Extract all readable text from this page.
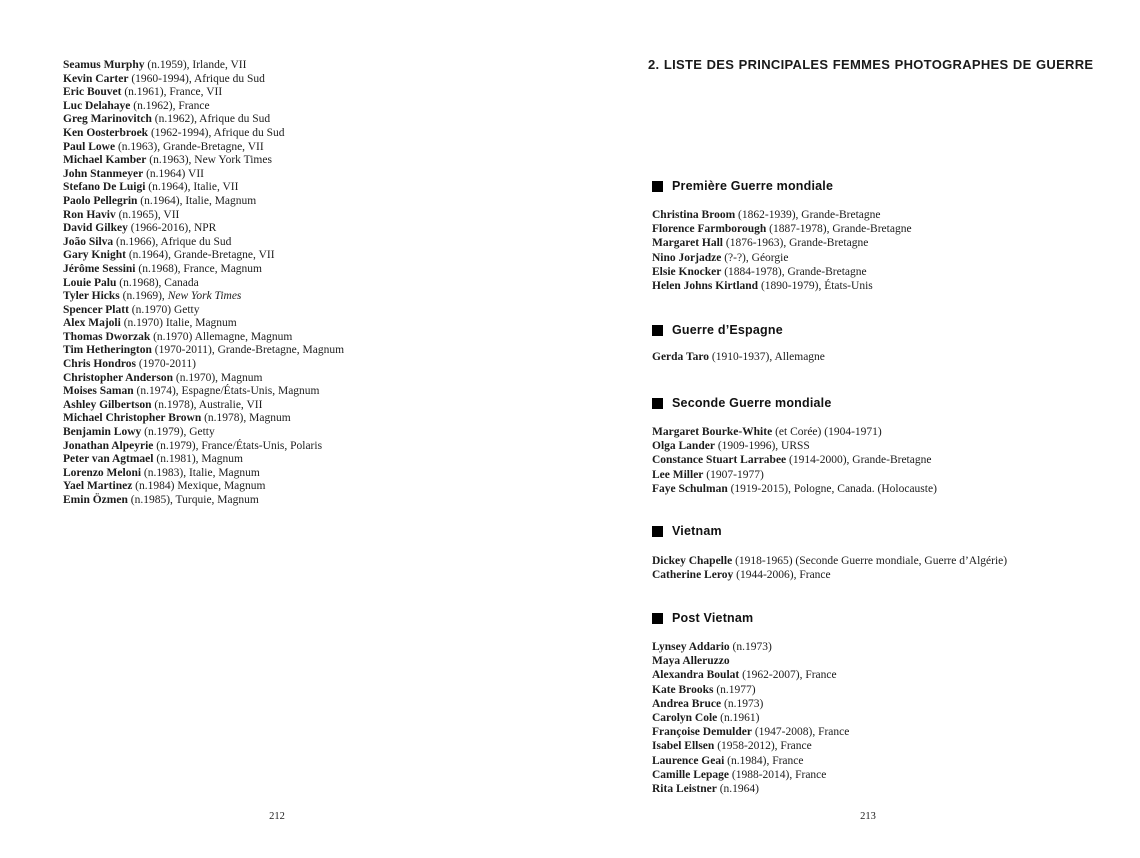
Seamus Murphy (n.1959), Irlande, VII
Kevin Carter (1960-1994), Afrique du Sud
Eric Bouvet (n.1961), France, VII
Luc Delahaye (n.1962), France
Greg Marinovitch (n.1962), Afrique du Sud
Ken Oosterbroek (1962-1994), Afrique du Sud
Paul Lowe (n.1963), Grande-Bretagne, VII
Michael Kamber (n.1963), New York Times
John Stanmeyer (n.1964) VII
Stefano De Luigi (n.1964), Italie, VII
Paolo Pellegrin (n.1964), Italie, Magnum
Ron Haviv (n.1965), VII
David Gilkey (1966-2016), NPR
João Silva (n.1966), Afrique du Sud
Gary Knight (n.1964), Grande-Bretagne, VII
Jérôme Sessini (n.1968), France, Magnum
Louie Palu (n.1968), Canada
Tyler Hicks (n.1969), New York Times
Spencer Platt (n.1970) Getty
Alex Majoli (n.1970) Italie, Magnum
Thomas Dworzak (n.1970) Allemagne, Magnum
Tim Hetherington (1970-2011), Grande-Bretagne, Magnum
Chris Hondros (1970-2011)
Christopher Anderson (n.1970), Magnum
Moises Saman (n.1974), Espagne/États-Unis, Magnum
Ashley Gilbertson (n.1978), Australie, VII
Michael Christopher Brown (n.1978), Magnum
Benjamin Lowy (n.1979), Getty
Jonathan Alpeyrie (n.1979), France/États-Unis, Polaris
Peter van Agtmael (n.1981), Magnum
Lorenzo Meloni (n.1983), Italie, Magnum
Yael Martinez (n.1984) Mexique, Magnum
Emin Özmen (n.1985), Turquie, Magnum
212
2. LISTE DES PRINCIPALES FEMMES PHOTOGRAPHES DE GUERRE
Première Guerre mondiale
Christina Broom (1862-1939), Grande-Bretagne
Florence Farmborough (1887-1978), Grande-Bretagne
Margaret Hall (1876-1963), Grande-Bretagne
Nino Jorjadze (?-?), Géorgie
Elsie Knocker (1884-1978), Grande-Bretagne
Helen Johns Kirtland (1890-1979), États-Unis
Guerre d’Espagne
Gerda Taro (1910-1937), Allemagne
Seconde Guerre mondiale
Margaret Bourke-White (et Corée) (1904-1971)
Olga Lander (1909-1996), URSS
Constance Stuart Larrabee (1914-2000), Grande-Bretagne
Lee Miller (1907-1977)
Faye Schulman (1919-2015), Pologne, Canada. (Holocauste)
Vietnam
Dickey Chapelle (1918-1965) (Seconde Guerre mondiale, Guerre d’Algérie)
Catherine Leroy (1944-2006), France
Post Vietnam
Lynsey Addario (n.1973)
Maya Alleruzzo
Alexandra Boulat (1962-2007), France
Kate Brooks (n.1977)
Andrea Bruce (n.1973)
Carolyn Cole (n.1961)
Françoise Demulder (1947-2008), France
Isabel Ellsen (1958-2012), France
Laurence Geai (n.1984), France
Camille Lepage (1988-2014), France
Rita Leistner (n.1964)
213
